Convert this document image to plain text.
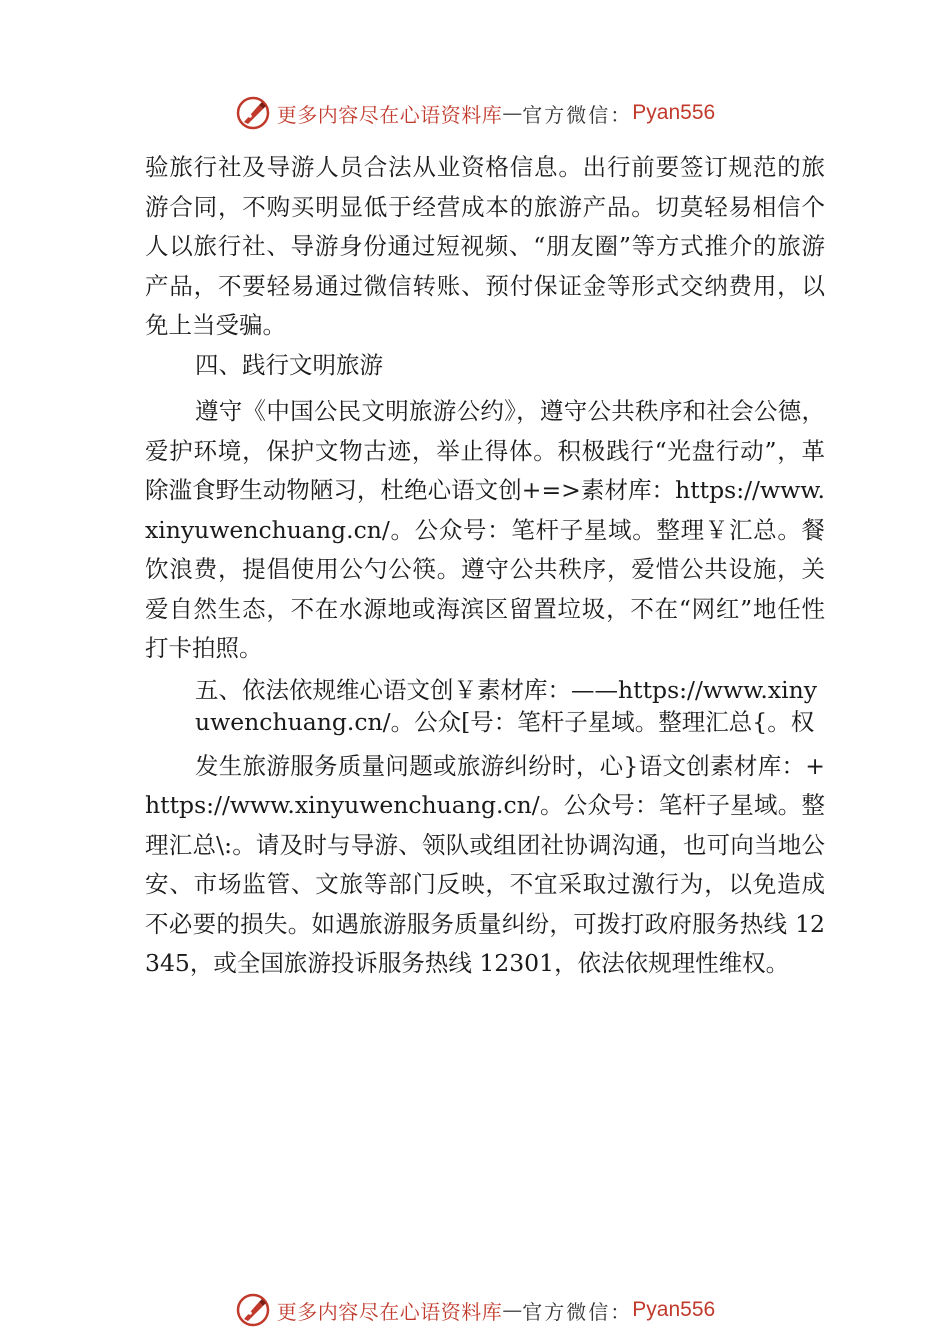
更多内容尽在心语资料库 — 官方微信： Pyan556

验旅行社及导游人员合法从业资格信息。出行前要签订规范的旅游合同，不购买明显低于经营成本的旅游产品。切莫轻易相信个人以旅行社、导游身份通过短视频、“朋友圈”等方式推介的旅游产品，不要轻易通过微信转账、预付保证金等形式交纳费用，以免上当受骗。

四、践行文明旅游

遵守《中国公民文明旅游公约》，遵守公共秩序和社会公德，爱护环境，保护文物古迹，举止得体。积极践行“光盘行动”，革除滥食野生动物陋习，杜绝心语文创+=>素材库：https://www.xinyuwenchuang.cn/。公众号：笔杆子星域。整理￥汇总。餐饮浪费，提倡使用公勺公筷。遵守公共秩序，爱惜公共设施，关爱自然生态，不在水源地或海滨区留置垃圾，不在“网红”地任性打卡拍照。

五、依法依规维心语文创￥素材库：——https://www.xinyuwenchuang.cn/。公众[号：笔杆子星域。整理汇总{。权

发生旅游服务质量问题或旅游纠纷时，心}语文创素材库：+https://www.xinyuwenchuang.cn/。公众号：笔杆子星域。整理汇总\:。请及时与导游、领队或组团社协调沟通，也可向当地公安、市场监管、文旅等部门反映，不宜采取过激行为，以免造成不必要的损失。如遇旅游服务质量纠纷，可拨打政府服务热线 12345，或全国旅游投诉服务热线 12301，依法依规理性维权。

更多内容尽在心语资料库 — 官方微信： Pyan556
